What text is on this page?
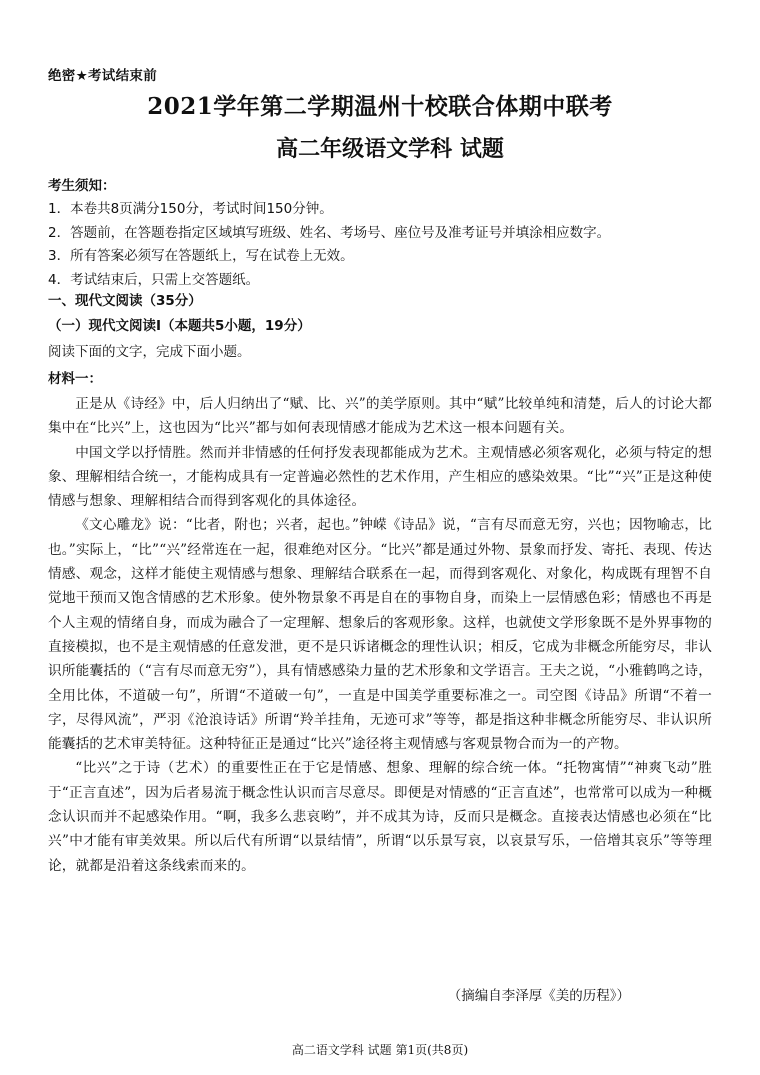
绝密★考试结束前
2021学年第二学期温州十校联合体期中联考
高二年级语文学科 试题
考生须知：
1．本卷共8页满分150分，考试时间150分钟。
2．答题前，在答题卷指定区域填写班级、姓名、考场号、座位号及准考证号并填涂相应数字。
3．所有答案必须写在答题纸上，写在试卷上无效。
4．考试结束后，只需上交答题纸。
一、现代文阅读（35分）
（一）现代文阅读Ⅰ（本题共5小题，19分）
阅读下面的文字，完成下面小题。
材料一：

正是从《诗经》中，后人归纳出了“赋、比、兴”的美学原则。其中“赋”比较单纯和清楚，后人的讨论大都集中在“比兴”上，这也因为“比兴”都与如何表现情感才能成为艺术这一根本问题有关。

中国文学以抒情胜。然而并非情感的任何抒发表现都能成为艺术。主观情感必须客观化，必须与特定的想象、理解相结合统一，才能构成具有一定普遍必然性的艺术作用，产生相应的感染效果。“比”“兴”正是这种使情感与想象、理解相结合而得到客观化的具体途径。

《文心雕龙》说：“比者，附也；兴者，起也。”钟嵘《诗品》说，“言有尽而意无穷，兴也；因物喻志，比也。”实际上，“比”“兴”经常连在一起，很难绝对区分。“比兴”都是通过外物、景象而抒发、寄托、表现、传达情感、观念，这样才能使主观情感与想象、理解结合联系在一起，而得到客观化、对象化，构成既有理智不自觉地干预而又饱含情感的艺术形象。使外物景象不再是自在的事物自身，而染上一层情感色彩；情感也不再是个人主观的情绪自身，而成为融合了一定理解、想象后的客观形象。这样，也就使文学形象既不是外界事物的直接模拟，也不是主观情感的任意发泄，更不是只诉诸概念的理性认识；相反，它成为非概念所能穷尽，非认识所能囊括的（“言有尽而意无穷”），具有情感感染力量的艺术形象和文学语言。王夫之说，“小雅鹤鸣之诗，全用比体，不道破一句”，所谓“不道破一句”，一直是中国美学重要标准之一。司空图《诗品》所谓“不着一字，尽得风流”，严羽《沧浪诗话》所谓“羚羊挂角，无迹可求”等等，都是指这种非概念所能穷尽、非认识所能囊括的艺术审美特征。这种特征正是通过“比兴”途径将主观情感与客观景物合而为一的产物。

“比兴”之于诗（艺术）的重要性正在于它是情感、想象、理解的综合统一体。“托物寓情”“神爽飞动”胜于“正言直述”，因为后者易流于概念性认识而言尽意尽。即便是对情感的“正言直述”，也常常可以成为一种概念认识而并不起感染作用。“啊，我多么悲哀哟”，并不成其为诗，反而只是概念。直接表达情感也必须在“比兴”中才能有审美效果。所以后代有所谓“以景结情”，所谓“以乐景写哀，以哀景写乐，一倍增其哀乐”等等理论，就都是沿着这条线索而来的。

（摘编自李泽厚《美的历程》）
高二语文学科 试题 第1页(共8页)
